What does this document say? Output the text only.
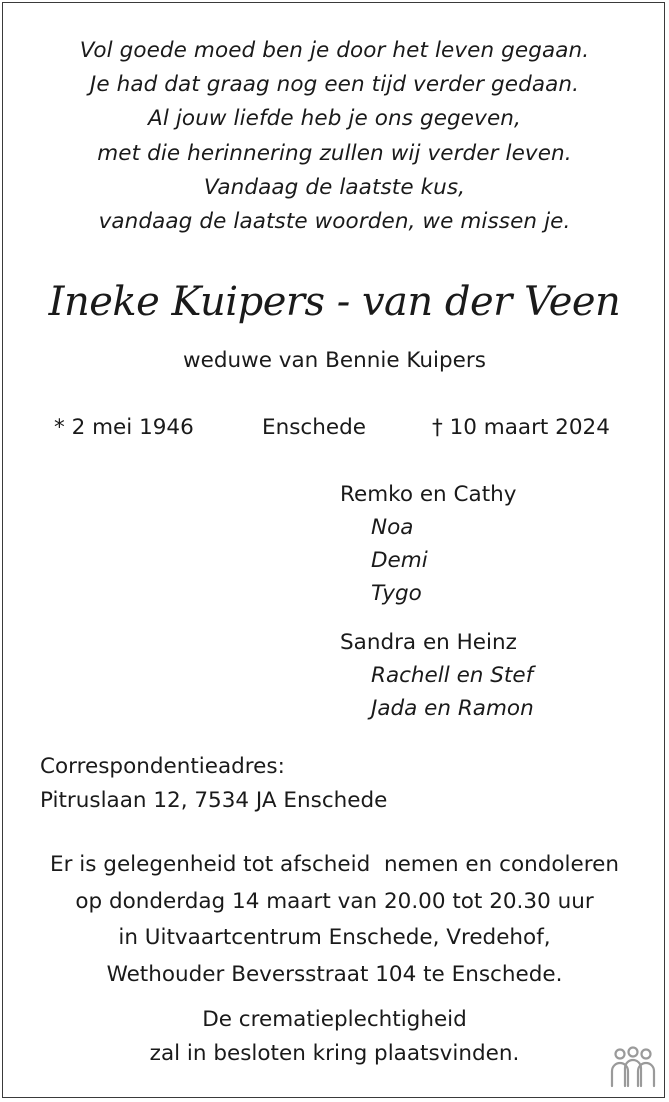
Vol goede moed ben je door het leven gegaan.
Je had dat graag nog een tijd verder gedaan.
Al jouw liefde heb je ons gegeven,
met die herinnering zullen wij verder leven.
Vandaag de laatste kus,
vandaag de laatste woorden, we missen je.
Ineke Kuipers - van der Veen
weduwe van Bennie Kuipers
* 2 mei 1946	Enschede	† 10 maart 2024
Remko en Cathy
Noa
Demi
Tygo
Sandra en Heinz
Rachell en Stef
Jada en Ramon
Correspondentieadres:
Pitruslaan 12, 7534 JA Enschede
Er is gelegenheid tot afscheid  nemen en condoleren
op donderdag 14 maart van 20.00 tot 20.30 uur
in Uitvaartcentrum Enschede, Vredehof,
Wethouder Beversstraat 104 te Enschede.
De crematieplechtigheid
zal in besloten kring plaatsvinden.
